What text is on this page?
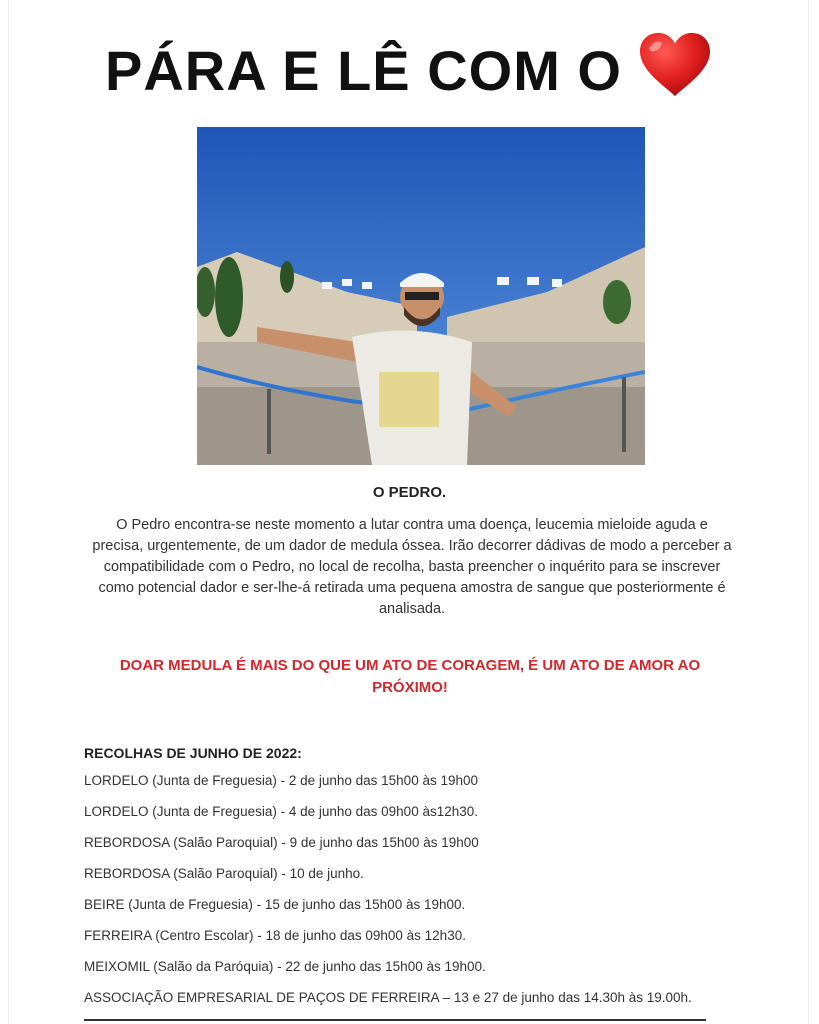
PÁRA E LÊ COM O
O PEDRO.
O Pedro encontra-se neste momento a lutar contra uma doença, leucemia mieloide aguda e precisa, urgentemente, de um dador de medula óssea. Irão decorrer dádivas de modo a perceber a compatibilidade com o Pedro, no local de recolha, basta preencher o inquérito para se inscrever como potencial dador e ser-lhe-á retirada uma pequena amostra de sangue que posteriormente é analisada.
DOAR MEDULA É MAIS DO QUE UM ATO DE CORAGEM, É UM ATO DE AMOR AO PRÓXIMO!
RECOLHAS DE JUNHO DE 2022:
LORDELO (Junta de Freguesia) - 2 de junho das 15h00 às 19h00
LORDELO (Junta de Freguesia) - 4 de junho das 09h00 às12h30.
REBORDOSA (Salão Paroquial) - 9 de junho das 15h00 às 19h00
REBORDOSA (Salão Paroquial) - 10 de junho.
BEIRE (Junta de Freguesia) - 15 de junho das 15h00 às 19h00.
FERREIRA (Centro Escolar) - 18 de junho das 09h00 às 12h30.
MEIXOMIL (Salão da Paróquia) - 22 de junho das 15h00 às 19h00.
ASSOCIAÇÃO EMPRESARIAL DE PAÇOS DE FERREIRA – 13 e 27 de junho das 14.30h às 19.00h.
